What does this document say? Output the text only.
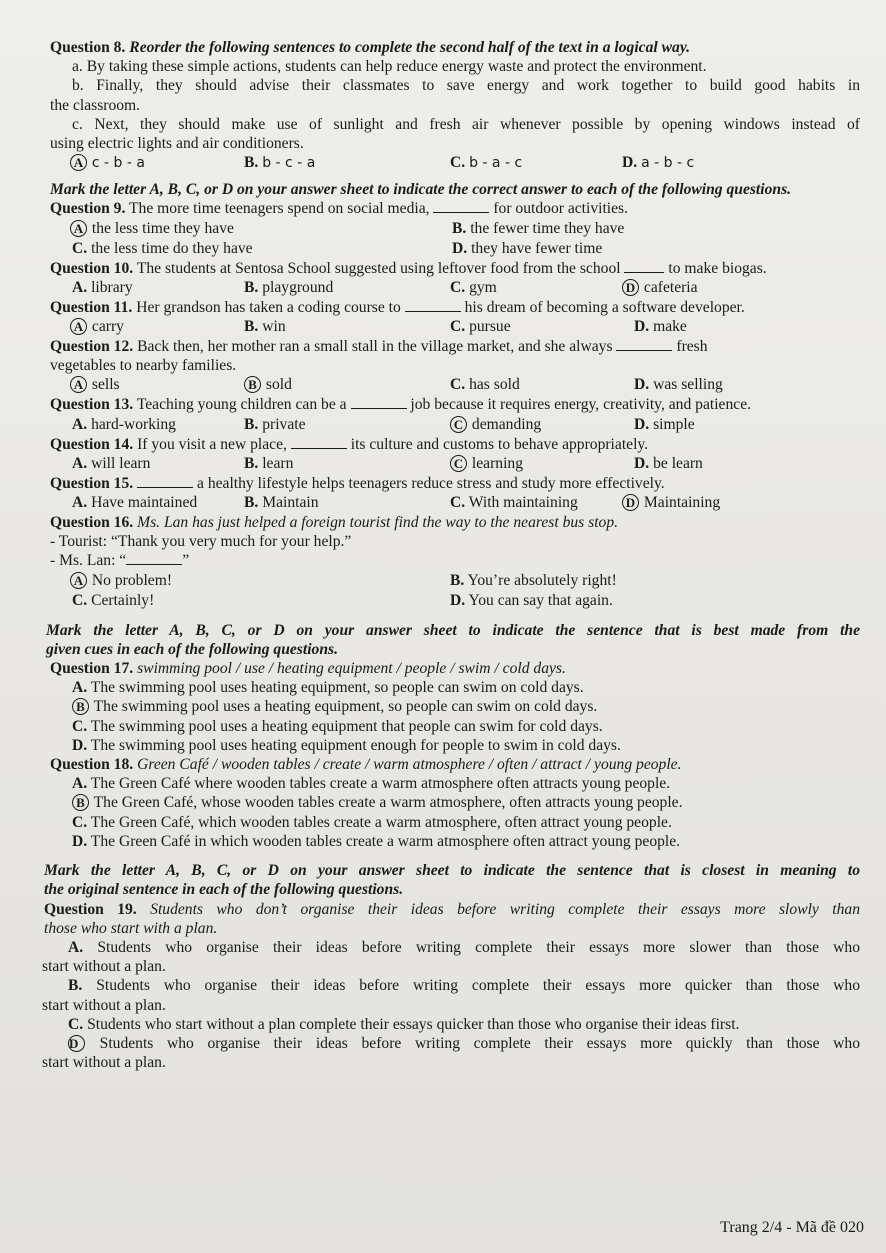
Question 8. Reorder the following sentences to complete the second half of the text in a logical way.
a. By taking these simple actions, students can help reduce energy waste and protect the environment.
b. Finally, they should advise their classmates to save energy and work together to build good habits in
the classroom.
c. Next, they should make use of sunlight and fresh air whenever possible by opening windows instead of
using electric lights and air conditioners.
A c - b - a	B. b - c - a	C. b - a - c	D. a - b - c
Mark the letter A, B, C, or D on your answer sheet to indicate the correct answer to each of the following questions.
Question 9. The more time teenagers spend on social media,	for outdoor activities.
A the less time they have	B. the fewer time they have
C. the less time do they have	D. they have fewer time
Question 10. The students at Sentosa School suggested using leftover food from the school	to make biogas.
A. library	B. playground	C. gym	D cafeteria
Question 11. Her grandson has taken a coding course to	his dream of becoming a software developer.
A carry	B. win	C. pursue	D. make
Question 12. Back then, her mother ran a small stall in the village market, and she always	fresh
vegetables to nearby families.
A sells	B sold	C. has sold	D. was selling
Question 13. Teaching young children can be a	job because it requires energy, creativity, and patience.
A. hard-working	B. private	C demanding	D. simple
Question 14. If you visit a new place,	its culture and customs to behave appropriately.
A. will learn	B. learn	C learning	D. be learn
Question 15.	a healthy lifestyle helps teenagers reduce stress and study more effectively.
A. Have maintained	B. Maintain	C. With maintaining	D Maintaining
Question 16. Ms. Lan has just helped a foreign tourist find the way to the nearest bus stop.
- Tourist: “Thank you very much for your help.”
- Ms. Lan: “	”
A No problem!	B. You’re absolutely right!
C. Certainly!	D. You can say that again.
Mark the letter A, B, C, or D on your answer sheet to indicate the sentence that is best made from the
given cues in each of the following questions.
Question 17. swimming pool / use / heating equipment / people / swim / cold days.
A. The swimming pool uses heating equipment, so people can swim on cold days.
B The swimming pool uses a heating equipment, so people can swim on cold days.
C. The swimming pool uses a heating equipment that people can swim for cold days.
D. The swimming pool uses heating equipment enough for people to swim in cold days.
Question 18. Green Café / wooden tables / create / warm atmosphere / often / attract / young people.
A. The Green Café where wooden tables create a warm atmosphere often attracts young people.
B The Green Café, whose wooden tables create a warm atmosphere, often attracts young people.
C. The Green Café, which wooden tables create a warm atmosphere, often attract young people.
D. The Green Café in which wooden tables create a warm atmosphere often attract young people.
Mark the letter A, B, C, or D on your answer sheet to indicate the sentence that is closest in meaning to
the original sentence in each of the following questions.
Question 19. Students who don’t organise their ideas before writing complete their essays more slowly than
those who start with a plan.
A. Students who organise their ideas before writing complete their essays more slower than those who
start without a plan.
B. Students who organise their ideas before writing complete their essays more quicker than those who
start without a plan.
C. Students who start without a plan complete their essays quicker than those who organise their ideas first.
D Students who organise their ideas before writing complete their essays more quickly than those who
start without a plan.
Trang 2/4 - Mã đề 020
